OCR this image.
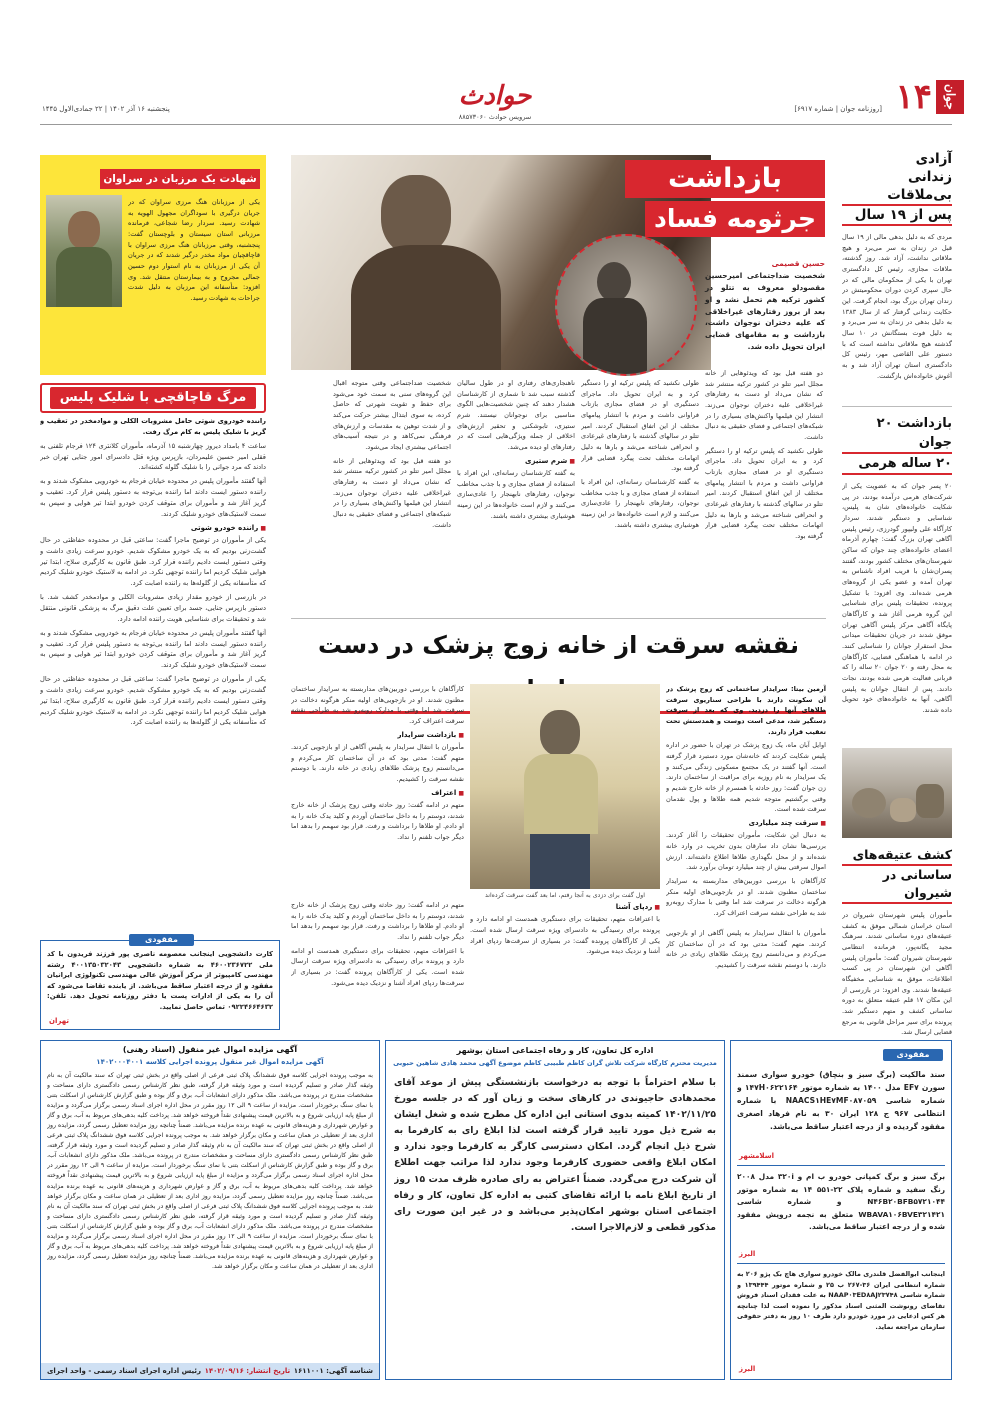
جوان
۱۴
[روزنامه جوان | شماره ۶۹۱۷]
حوادث
سرویس حوادث ۸۸۵۷۳۰۶۰
پنجشنبه ۱۶ آذر ۱۴۰۲ | ۲۲ جمادی‌الاول ۱۴۴۵
آزادی
زندانی بی‌ملاقات
پس از ۱۹ سال
مردی که به دلیل بدهی مالی از ۱۹ سال قبل در زندان به سر می‌برد و هیچ ملاقاتی نداشت، آزاد شد. روز گذشته، ملاقات مجازی، رئیس کل دادگستری تهران با یکی از محکومان مالی که در حال سپری کردن دوران محکومیتش در زندان تهران بزرگ بود، انجام گرفت. این حکایت زندانی گرفتار که از سال ۱۳۸۳ به دلیل بدهی در زندان به سر می‌برد و به دلیل فوت بستگانش در ۱۰ سال گذشته هیچ ملاقاتی نداشته است که با دستور علی القاضی مهر، رئیس کل دادگستری استان تهران آزاد شد و به آغوش خانواده‌اش بازگشت.
بازداشت ۲۰ جوان
۲۰ ساله هرمی
۲۰ پسر جوان که به عضویت یکی از شرکت‌های هرمی درآمده بودند، در پی شکایت خانواده‌های شان به پلیس، شناسایی و دستگیر شدند. سردار کارآگاه علی ولیپور گودرزی، رئیس پلیس آگاهی تهران بزرگ گفت: چهارم آذرماه اعضای خانواده‌های چند جوان که ساکن شهرستان‌های مختلف کشور بودند، گفتند پسران‌شان با فریب افراد ناشناس به تهران آمده و عضو یکی از گروه‌های هرمی شده‌اند. وی افزود: با تشکیل پرونده، تحقیقات پلیس برای شناسایی این گروه هرمی آغاز شد و کارآگاهان پایگاه آگاهی مرکز پلیس آگاهی تهران موفق شدند در جریان تحقیقات میدانی محل استقرار جوانان را شناسایی کنند. در ادامه با هماهنگی قضایی، کارآگاهان به محل رفته و ۲۰ جوان ۲۰ ساله را که قربانی فعالیت هرمی شده بودند، نجات دادند. پس از انتقال جوانان به پلیس آگاهی، آنها به خانواده‌های خود تحویل داده شدند.
کشف عتیقه‌های
ساسانی در شیروان
مأموران پلیس شهرستان شیروان در استان خراسان شمالی موفق به کشف عتیقه‌های دوره ساسانی شدند. سرهنگ مجید یگانه‌پور، فرمانده انتظامی شهرستان شیروان گفت: مأموران پلیس آگاهی این شهرستان در پی کسب اطلاعات، موفق به شناسایی مخفیگاه عتیقه‌ها شدند. وی افزود: در بازرسی از این مکان ۱۷ قلم عتیقه متعلق به دوره ساسانی کشف و متهم دستگیر شد. پرونده برای سیر مراحل قانونی به مرجع قضایی ارسال شد.
بازداشت
جرثومه فساد
حسین قصیمی
شخصیت ضداجتماعی امیرحسین مقصودلو معروف به تتلو در کشور ترکیه هم تحمل نشد و او بعد از بروز رفتارهای غیراخلاقی که علیه دختران نوجوان داشت، بازداشت و به مقامهای قضایی ایران تحویل داده شد.

دو هفته قبل بود که ویدئوهایی از خانه مجلل امیر تتلو در کشور ترکیه منتشر شد که نشان می‌داد او دست به رفتارهای غیراخلاقی علیه دختران نوجوان می‌زند. انتشار این فیلمها واکنش‌های بسیاری را در شبکه‌های اجتماعی و فضای حقیقی به دنبال داشت.

طولی نکشید که پلیس ترکیه او را دستگیر کرد و به ایران تحویل داد. ماجرای دستگیری او در فضای مجازی بازتاب فراوانی داشت و مردم با انتشار پیامهای مختلف از این اتفاق استقبال کردند. امیر تتلو در سالهای گذشته با رفتارهای غیرعادی و انحرافی شناخته می‌شد و بارها به دلیل اتهامات مختلف تحت پیگرد قضایی قرار گرفته بود.

طولی نکشید که پلیس ترکیه او را دستگیر کرد و به ایران تحویل داد. ماجرای دستگیری او در فضای مجازی بازتاب فراوانی داشت و مردم با انتشار پیامهای مختلف از این اتفاق استقبال کردند. امیر تتلو در سالهای گذشته با رفتارهای غیرعادی و انحرافی شناخته می‌شد و بارها به دلیل اتهامات مختلف تحت پیگرد قضایی قرار گرفته بود.

به گفته کارشناسان رسانه‌ای، این افراد با استفاده از فضای مجازی و با جذب مخاطب نوجوان، رفتارهای نابهنجار را عادی‌سازی می‌کنند و لازم است خانواده‌ها در این زمینه هوشیاری بیشتری داشته باشند.

ناهنجاری‌های رفتاری او در طول سالیان گذشته سبب شد تا شماری از کارشناسان هشدار دهند که چنین شخصیت‌هایی الگوی مناسبی برای نوجوانان نیستند. شرم ستیزی، تابوشکنی و تحقیر ارزش‌های اخلاقی از جمله ویژگی‌هایی است که در رفتارهای او دیده می‌شد.

■ شرم ستیزی

به گفته کارشناسان رسانه‌ای، این افراد با استفاده از فضای مجازی و با جذب مخاطب نوجوان، رفتارهای نابهنجار را عادی‌سازی می‌کنند و لازم است خانواده‌ها در این زمینه هوشیاری بیشتری داشته باشند.

شخصیت ضداجتماعی وقتی متوجه اقبال این گروه‌های سنی به سمت خود می‌شود برای حفظ و تقویت شهرتی که حاصل کرده، به سوی ابتذال بیشتر حرکت می‌کند و از شدت توهین به مقدسات و ارزش‌های فرهنگی نمی‌کاهد و در نتیجه آسیب‌های اجتماعی بیشتری ایجاد می‌شود.

دو هفته قبل بود که ویدئوهایی از خانه مجلل امیر تتلو در کشور ترکیه منتشر شد که نشان می‌داد او دست به رفتارهای غیراخلاقی علیه دختران نوجوان می‌زند. انتشار این فیلمها واکنش‌های بسیاری را در شبکه‌های اجتماعی و فضای حقیقی به دنبال داشت.

شهادت یک مرزبان در سراوان
یکی از مرزبانان هنگ مرزی سراوان که در جریان درگیری با سوداگران مجهول‌ الهویه به شهادت رسید. سردار رضا شجاعی، فرمانده مرزبانی استان سیستان و بلوچستان گفت: پنجشنبه، وقتی مرزبانان هنگ مرزی سراوان با قاچاقچیان مواد مخدر درگیر شدند که در جریان آن یکی از مرزبانان به نام استوار دوم حسین جمالی مجروح و به بیمارستان منتقل شد. وی افزود: متأسفانه این مرزبان به دلیل شدت جراحات به شهادت رسید.
مرگ قاچاقچی با شلیک پلیس

راننده خودروی شوتی حامل مشروبات الکلی و موادمخدر در تعقیب و گریز با شلیک پلیس به کام مرگ رفت.

ساعت ۴ بامداد دیروز چهارشنبه ۱۵ آذرماه، مأموران کلانتری ۱۲۴ فرجام تلفنی به ققلی امیر حسین علیمردان، بازپرس ویژه قتل دادسرای امور جنایی تهران خبر دادند که مرد جوانی را با شلیک گلوله کشته‌اند.

آنها گفتند مأموران پلیس در محدوده خیابان فرجام به خودرویی مشکوک شدند و به راننده دستور ایست دادند اما راننده بی‌توجه به دستور پلیس فرار کرد. تعقیب و گریز آغاز شد و مأموران برای متوقف کردن خودرو ابتدا تیر هوایی و سپس به سمت لاستیک‌های خودرو شلیک کردند.

■ راننده خودرو شوتی

یکی از مأموران در توضیح ماجرا گفت: ساعتی قبل در محدوده حفاظتی در حال گشت‌زنی بودیم که به یک خودرو مشکوک شدیم. خودرو سرعت زیادی داشت و وقتی دستور ایست دادیم راننده فرار کرد. طبق قانون به کارگیری سلاح، ابتدا تیر هوایی شلیک کردیم اما راننده توجهی نکرد. در ادامه به لاستیک خودرو شلیک کردیم که متأسفانه یکی از گلوله‌ها به راننده اصابت کرد.

در بازرسی از خودرو مقدار زیادی مشروبات الکلی و موادمخدر کشف شد. با دستور بازپرس جنایی، جسد برای تعیین علت دقیق مرگ به پزشکی قانونی منتقل شد و تحقیقات برای شناسایی هویت راننده ادامه دارد.

آنها گفتند مأموران پلیس در محدوده خیابان فرجام به خودرویی مشکوک شدند و به راننده دستور ایست دادند اما راننده بی‌توجه به دستور پلیس فرار کرد. تعقیب و گریز آغاز شد و مأموران برای متوقف کردن خودرو ابتدا تیر هوایی و سپس به سمت لاستیک‌های خودرو شلیک کردند.

یکی از مأموران در توضیح ماجرا گفت: ساعتی قبل در محدوده حفاظتی در حال گشت‌زنی بودیم که به یک خودرو مشکوک شدیم. خودرو سرعت زیادی داشت و وقتی دستور ایست دادیم راننده فرار کرد. طبق قانون به کارگیری سلاح، ابتدا تیر هوایی شلیک کردیم اما راننده توجهی نکرد. در ادامه به لاستیک خودرو شلیک کردیم که متأسفانه یکی از گلوله‌ها به راننده اصابت کرد.

نقشه سرقت از خانه زوج پزشک در دست
اول گفت برای دزدی به آنجا رفتم، اما بعد گفت سرقت کرده‌اند

آرمین بیتا: سرایدار ساختمانی که زوج پزشک در آن سکونت دارند با طراحی سناریوی سرقت طلاهای آنها را دزدید. وی که بعد از سرقت دستگیر شد، مدعی است دوست و همدستش تحت تعقیب قرار دارند.

اوایل آبان ماه، یک زوج پزشک در تهران با حضور در اداره پلیس شکایت کردند که خانه‌شان مورد دستبرد قرار گرفته است. آنها گفتند در یک مجتمع مسکونی زندگی می‌کنند و یک سرایدار به نام روزبه برای مراقبت از ساختمان دارند. زن جوان گفت: روز حادثه با همسرم از خانه خارج شدیم و وقتی برگشتیم متوجه شدیم همه طلاها و پول نقدمان سرقت شده است.

■ سرقت چند میلیاردی

به دنبال این شکایت، مأموران تحقیقات را آغاز کردند. بررسی‌ها نشان داد سارقان بدون تخریب در وارد خانه شده‌اند و از محل نگهداری طلاها اطلاع داشته‌اند. ارزش اموال سرقتی بیش از چند میلیارد تومان برآورد شد.

کارآگاهان با بررسی دوربین‌های مداربسته به سرایدار ساختمان مظنون شدند. او در بازجویی‌های اولیه منکر هرگونه دخالت در سرقت شد اما وقتی با مدارک روبه‌رو شد به طراحی نقشه سرقت اعتراف کرد.

کارآگاهان با بررسی دوربین‌های مداربسته به سرایدار ساختمان مظنون شدند. او در بازجویی‌های اولیه منکر هرگونه دخالت در سرقت شد اما وقتی با مدارک روبه‌رو شد به طراحی نقشه سرقت اعتراف کرد.

■ بازداشت سرایدار

مأموران با انتقال سرایدار به پلیس آگاهی از او بازجویی کردند. متهم گفت: مدتی بود که در آن ساختمان کار می‌کردم و می‌دانستم زوج پزشک طلاهای زیادی در خانه دارند. با دوستم نقشه سرقت را کشیدیم.

■ اعتراف

متهم در ادامه گفت: روز حادثه وقتی زوج پزشک از خانه خارج شدند، دوستم را به داخل ساختمان آوردم و کلید یدک خانه را به او دادم. او طلاها را برداشت و رفت. قرار بود سهمم را بدهد اما دیگر جواب تلفنم را نداد.

■ ردپای آشنا

با اعترافات متهم، تحقیقات برای دستگیری همدست او ادامه دارد و پرونده برای رسیدگی به دادسرای ویژه سرقت ارسال شده است. یکی از کارآگاهان پرونده گفت: در بسیاری از سرقت‌ها ردپای افراد آشنا و نزدیک دیده می‌شود.

متهم در ادامه گفت: روز حادثه وقتی زوج پزشک از خانه خارج شدند، دوستم را به داخل ساختمان آوردم و کلید یدک خانه را به او دادم. او طلاها را برداشت و رفت. قرار بود سهمم را بدهد اما دیگر جواب تلفنم را نداد.

با اعترافات متهم، تحقیقات برای دستگیری همدست او ادامه دارد و پرونده برای رسیدگی به دادسرای ویژه سرقت ارسال شده است. یکی از کارآگاهان پرونده گفت: در بسیاری از سرقت‌ها ردپای افراد آشنا و نزدیک دیده می‌شود.

مأموران با انتقال سرایدار به پلیس آگاهی از او بازجویی کردند. متهم گفت: مدتی بود که در آن ساختمان کار می‌کردم و می‌دانستم زوج پزشک طلاهای زیادی در خانه دارند. با دوستم نقشه سرقت را کشیدیم.

مفقودی
کارت دانشجویی اینجانب معصومه ناصری پور فرزند فریدون با کد ملی ۴۶۰۰۲۳۶۷۲۲ به شماره دانشجویی ۴۰۰۱۳۵۰۳۲۰۴۳ رشته مهندسی کامپیوتر از مرکز آموزش عالی مهندسی تکنولوژی ایرانیان مفقود و از درجه اعتبار ساقط می‌باشد. از یابنده تقاضا می‌شود که آن را به یکی از ادارات پست یا دفتر روزنامه تحویل دهد. تلفن: ۰۹۲۲۴۶۶۴۶۳۲ تماس حاصل نمایید.
تهران
آگهی مزایده اموال غیر منقول (اسناد رهنی)
آگهی مزایده اموال غیر منقول پرونده اجرایی کلاسه ۱۴۰۲۰۰۰۴۰۰۱
به موجب پرونده اجرایی کلاسه فوق ششدانگ پلاک ثبتی فرعی از اصلی واقع در بخش ثبتی تهران که سند مالکیت آن به نام وثیقه گذار صادر و تسلیم گردیده است و مورد وثیقه قرار گرفته، طبق نظر کارشناس رسمی دادگستری دارای مساحت و مشخصات مندرج در پرونده می‌باشد. ملک مذکور دارای انشعابات آب، برق و گاز بوده و طبق گزارش کارشناس از اسکلت بتنی با نمای سنگ برخوردار است. مزایده از ساعت ۹ الی ۱۲ روز مقرر در محل اداره اجرای اسناد رسمی برگزار می‌گردد و مزایده از مبلغ پایه ارزیابی شروع و به بالاترین قیمت پیشنهادی نقداً فروخته خواهد شد. پرداخت کلیه بدهی‌های مربوط به آب، برق و گاز و عوارض شهرداری و هزینه‌های قانونی به عهده برنده مزایده می‌باشد. ضمناً چنانچه روز مزایده تعطیل رسمی گردد، مزایده روز اداری بعد از تعطیلی در همان ساعت و مکان برگزار خواهد شد. به موجب پرونده اجرایی کلاسه فوق ششدانگ پلاک ثبتی فرعی از اصلی واقع در بخش ثبتی تهران که سند مالکیت آن به نام وثیقه گذار صادر و تسلیم گردیده است و مورد وثیقه قرار گرفته، طبق نظر کارشناس رسمی دادگستری دارای مساحت و مشخصات مندرج در پرونده می‌باشد. ملک مذکور دارای انشعابات آب، برق و گاز بوده و طبق گزارش کارشناس از اسکلت بتنی با نمای سنگ برخوردار است. مزایده از ساعت ۹ الی ۱۲ روز مقرر در محل اداره اجرای اسناد رسمی برگزار می‌گردد و مزایده از مبلغ پایه ارزیابی شروع و به بالاترین قیمت پیشنهادی نقداً فروخته خواهد شد. پرداخت کلیه بدهی‌های مربوط به آب، برق و گاز و عوارض شهرداری و هزینه‌های قانونی به عهده برنده مزایده می‌باشد. ضمناً چنانچه روز مزایده تعطیل رسمی گردد، مزایده روز اداری بعد از تعطیلی در همان ساعت و مکان برگزار خواهد شد. به موجب پرونده اجرایی کلاسه فوق ششدانگ پلاک ثبتی فرعی از اصلی واقع در بخش ثبتی تهران که سند مالکیت آن به نام وثیقه گذار صادر و تسلیم گردیده است و مورد وثیقه قرار گرفته، طبق نظر کارشناس رسمی دادگستری دارای مساحت و مشخصات مندرج در پرونده می‌باشد. ملک مذکور دارای انشعابات آب، برق و گاز بوده و طبق گزارش کارشناس از اسکلت بتنی با نمای سنگ برخوردار است. مزایده از ساعت ۹ الی ۱۲ روز مقرر در محل اداره اجرای اسناد رسمی برگزار می‌گردد و مزایده از مبلغ پایه ارزیابی شروع و به بالاترین قیمت پیشنهادی نقداً فروخته خواهد شد. پرداخت کلیه بدهی‌های مربوط به آب، برق و گاز و عوارض شهرداری و هزینه‌های قانونی به عهده برنده مزایده می‌باشد. ضمناً چنانچه روز مزایده تعطیل رسمی گردد، مزایده روز اداری بعد از تعطیلی در همان ساعت و مکان برگزار خواهد شد.
شناسه آگهی: ۱۶۱۱۰۰۱
تاریخ انتشار: ۱۴۰۲/۰۹/۱۶
رئیس اداره اجرای اسناد رسمی - واحد اجرای
اداره کل تعاون، کار و رفاه اجتماعی استان بوشهر
مدیریت محترم کارگاه شرکت تلاش گران کاظم طبیبی کاظم موضوع آگهی محمد هادی شاهین حبوبی
با سلام احتراماً با توجه به درخواست بازنشستگی پیش از موعد آقای محمدهادی حاجیوندی در کارهای سخت و زیان آور که در جلسه مورخ ۱۴۰۲/۱۱/۲۵ کمیته بدوی استانی این اداره کل مطرح شده و شغل ایشان به شرح ذیل مورد تایید قرار گرفته است لذا ابلاغ رای به کارفرما به شرح ذیل انجام گردد. امکان دسترسی کارگر به کارفرما وجود ندارد و امکان ابلاغ واقعی حضوری کارفرما وجود ندارد لذا مراتب جهت اطلاع آن شرکت درج می‌گردد. ضمناً اعتراض به رای صادره ظرف مدت ۱۵ روز از تاریخ ابلاغ نامه با ارائه تقاضای کتبی به اداره کل تعاون، کار و رفاه اجتماعی استان بوشهر امکان‌پذیر می‌باشد و در غیر این صورت رای مذکور قطعی و لازم‌الاجرا است.
مفقودی
سند مالکیت (برگ سبز و بنچاق) خودرو سواری سمند سورن EF۷ مدل ۱۴۰۰ به شماره موتور ۱۴۷H۰۶۲۲۱۶۴ و شماره شاسی NAACS۱HE۷MF۰۸۷۰۵۹ با شماره انتظامی ۹۶۷ ج ۱۲۸ ایران ۳۰ به نام فرهاد اصغری مفقود گردیده و از درجه اعتبار ساقط می‌باشد.
اسلامشهر
برگ سبز و برگ کمپانی خودرو ب ام و ۳۲۰i مدل ۲۰۰۸ رنگ سفید و شماره پلاک ۲۲-۵۵۱ ۱۴ به شماره موتور N۴۶B۲۰BFB۵۷۲۱۰۴۴ و شماره شاسی WBAVA۱۰۶BVE۳۲۱۴۲۱ متعلق به نجمه درویش مفقود شده و از درجه اعتبار ساقط می‌باشد.
البرز
اینجانب ابوالفضل قلندری مالک خودرو سواری هاچ بک پژو ۲۰۶ به شماره انتظامی ایران ۳۶-۲۶۷ ب ۲۵ و شماره موتور ۱۳۹۴۴۴ و شماره شاسی NAAP۰۳ED۸AJ۲۳۷۴۸ به علت فقدان اسناد فروش تقاضای رونوشت المثنی اسناد مذکور را نموده است لذا چنانچه هر کس ادعایی در مورد خودرو دارد ظرف ۱۰ روز به دفتر حقوقی سازمان مراجعه نماید.
البرز
